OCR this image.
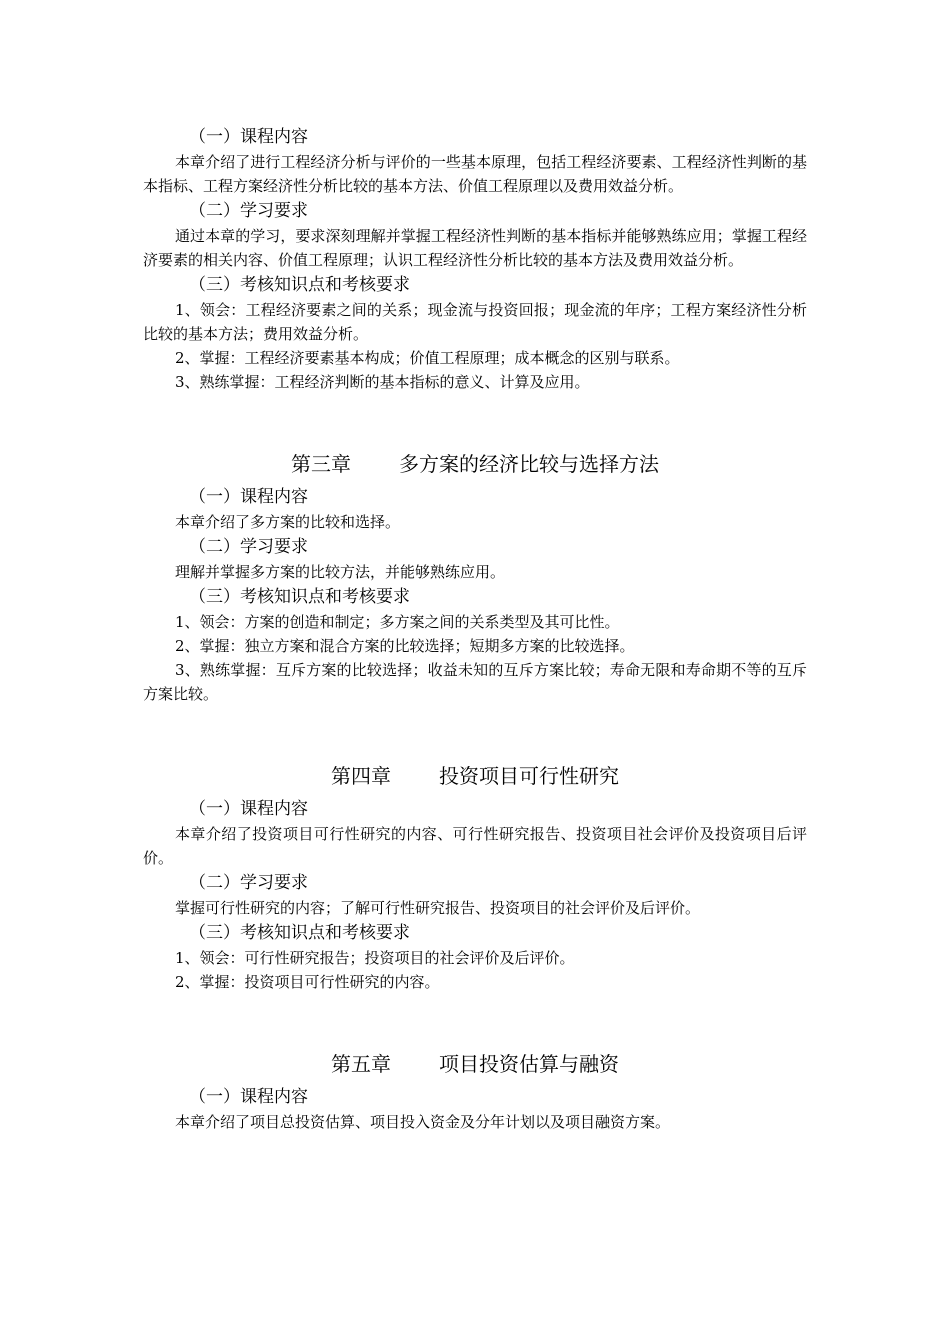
（一）课程内容

本章介绍了进行工程经济分析与评价的一些基本原理，包括工程经济要素、工程经济性判断的基本指标、工程方案经济性分析比较的基本方法、价值工程原理以及费用效益分析。

（二）学习要求

通过本章的学习，要求深刻理解并掌握工程经济性判断的基本指标并能够熟练应用；掌握工程经济要素的相关内容、价值工程原理；认识工程经济性分析比较的基本方法及费用效益分析。

（三）考核知识点和考核要求

1、领会：工程经济要素之间的关系；现金流与投资回报；现金流的年序；工程方案经济性分析比较的基本方法；费用效益分析。

2、掌握：工程经济要素基本构成；价值工程原理；成本概念的区别与联系。

3、熟练掌握：工程经济判断的基本指标的意义、计算及应用。

第三章 多方案的经济比较与选择方法

（一）课程内容

本章介绍了多方案的比较和选择。

（二）学习要求

理解并掌握多方案的比较方法，并能够熟练应用。

（三）考核知识点和考核要求

1、领会：方案的创造和制定；多方案之间的关系类型及其可比性。

2、掌握：独立方案和混合方案的比较选择；短期多方案的比较选择。

3、熟练掌握：互斥方案的比较选择；收益未知的互斥方案比较；寿命无限和寿命期不等的互斥方案比较。

第四章 投资项目可行性研究

（一）课程内容

本章介绍了投资项目可行性研究的内容、可行性研究报告、投资项目社会评价及投资项目后评价。

（二）学习要求

掌握可行性研究的内容；了解可行性研究报告、投资项目的社会评价及后评价。

（三）考核知识点和考核要求

1、领会：可行性研究报告；投资项目的社会评价及后评价。

2、掌握：投资项目可行性研究的内容。

第五章 项目投资估算与融资

（一）课程内容

本章介绍了项目总投资估算、项目投入资金及分年计划以及项目融资方案。
